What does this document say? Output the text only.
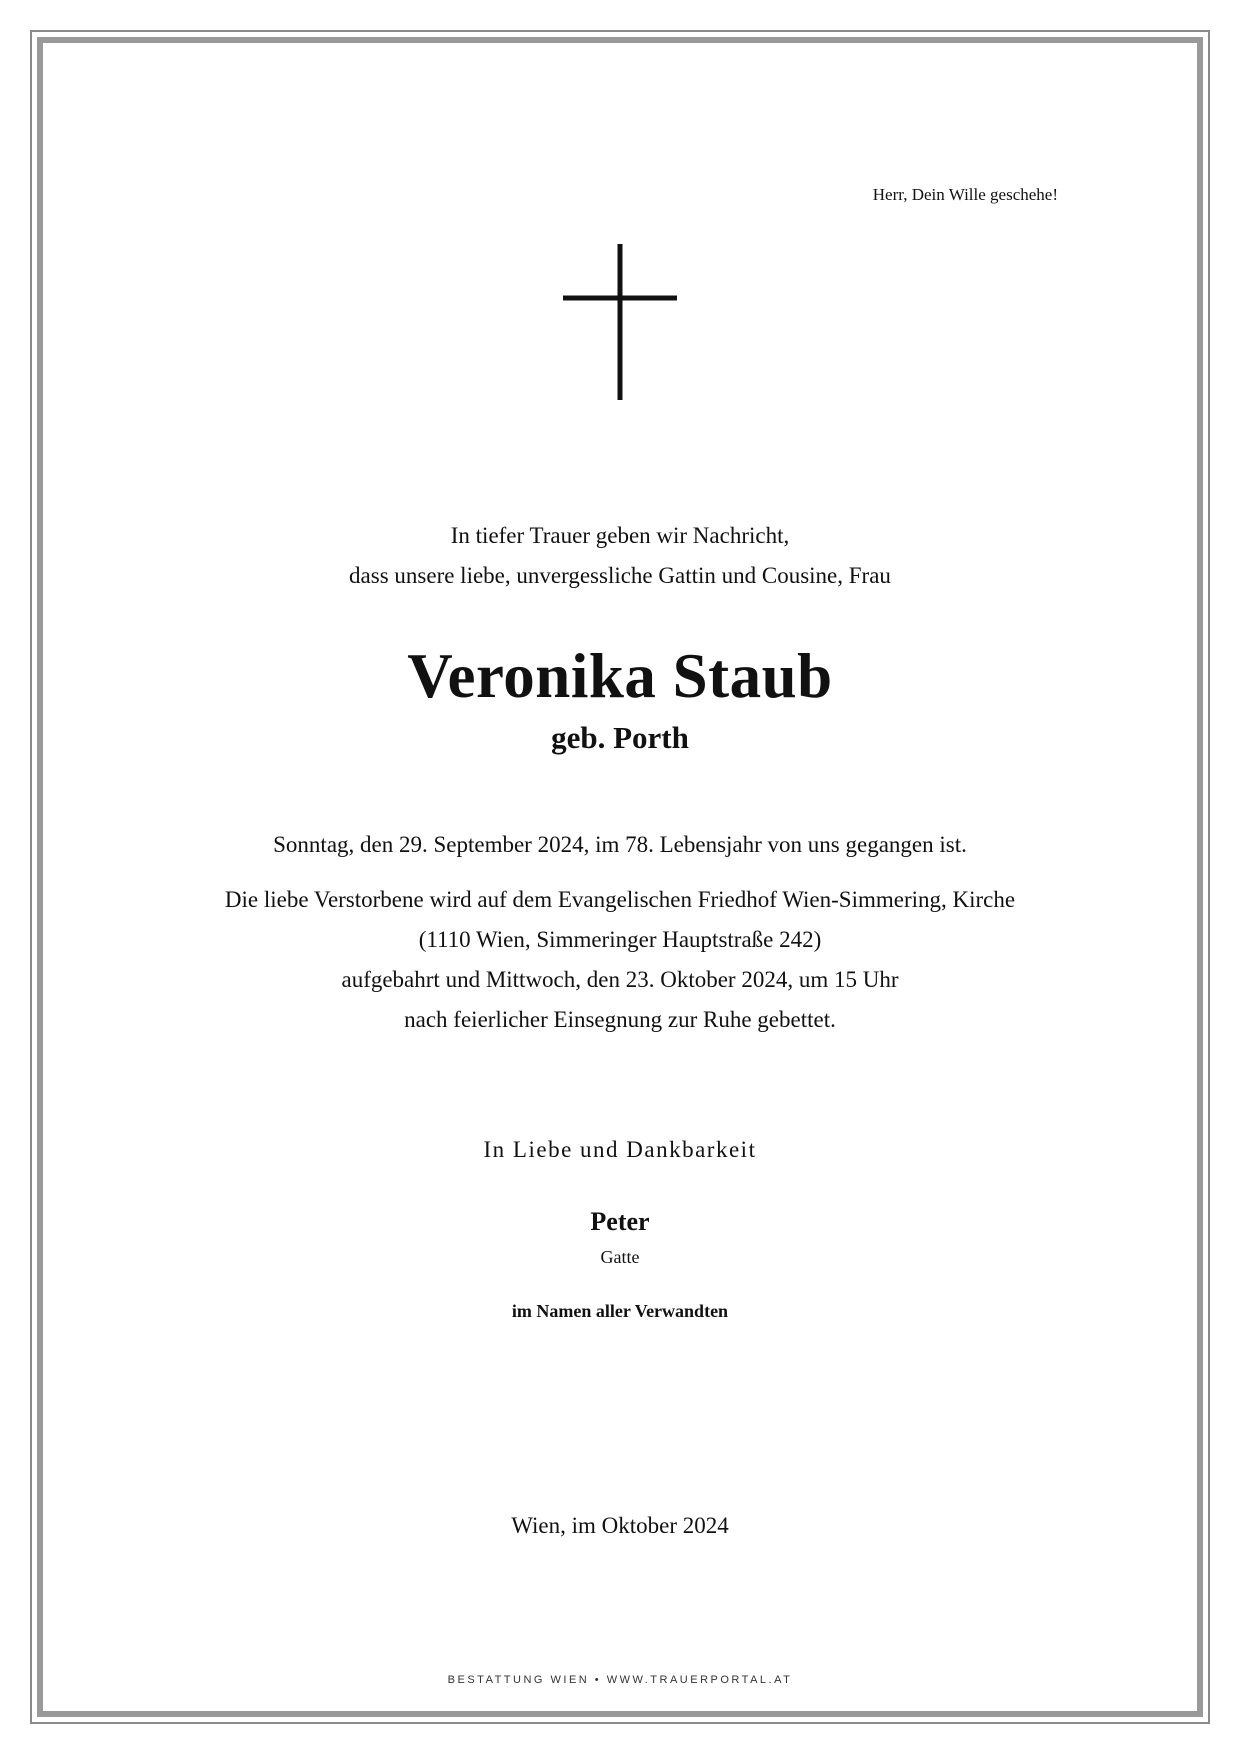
Herr, Dein Wille geschehe!
In tiefer Trauer geben wir Nachricht,
dass unsere liebe, unvergessliche Gattin und Cousine, Frau
Veronika Staub
geb. Porth
Sonntag, den 29. September 2024, im 78. Lebensjahr von uns gegangen ist.
Die liebe Verstorbene wird auf dem Evangelischen Friedhof Wien-Simmering, Kirche
(1110 Wien, Simmeringer Hauptstraße 242)
aufgebahrt und Mittwoch, den 23. Oktober 2024, um 15 Uhr
nach feierlicher Einsegnung zur Ruhe gebettet.
In Liebe und Dankbarkeit
Peter
Gatte
im Namen aller Verwandten
Wien, im Oktober 2024
BESTATTUNG WIEN • WWW.TRAUERPORTAL.AT
